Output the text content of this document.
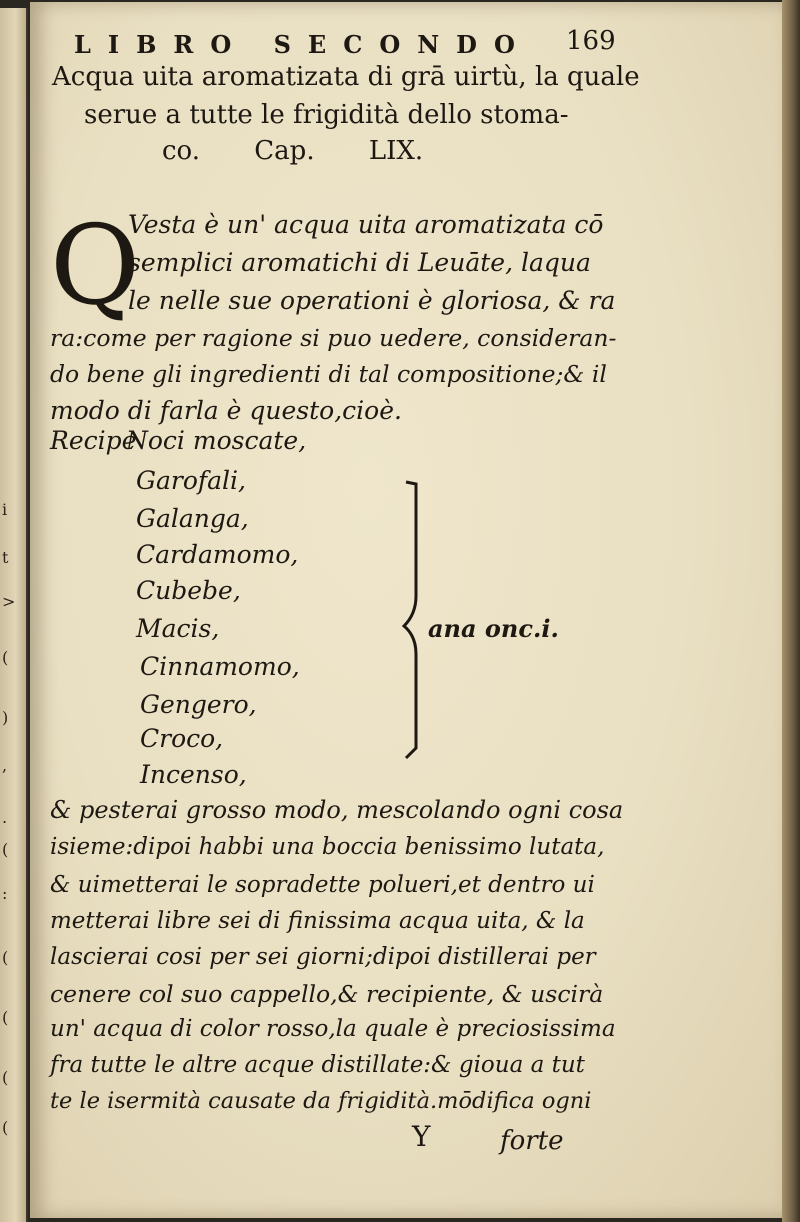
i
t
>
(
)
,
.
(
:
(
(
(
(
LIBRO SECONDO 169
Acqua uita aromatizata di grā uirtù, la quale
serue a tutte le frigidità dello stoma-
co. Cap. LIX.
Q
Vesta è un' acqua uita aromatizata cō
semplici aromatichi di Leuāte, laqua
le nelle sue operationi è gloriosa, & ra
ra:come per ragione si puo uedere, consideran-
do bene gli ingredienti di tal compositione;& il
modo di farla è questo,cioè.
Recipe
Noci moscate,
Garofali,
Galanga,
Cardamomo,
Cubebe,
Macis,
Cinnamomo,
Gengero,
Croco,
Incenso,
ana onc.i.
& pesterai grosso modo, mescolando ogni cosa
isieme:dipoi habbi una boccia benissimo lutata,
& uimetterai le sopradette polueri,et dentro ui
metterai libre sei di finissima acqua uita, & la
lascierai cosi per sei giorni;dipoi distillerai per
cenere col suo cappello,& recipiente, & uscirà
un' acqua di color rosso,la quale è preciosissima
fra tutte le altre acque distillate:& gioua a tut
te le isermità causate da frigidità.mōdifica ogni
Y	forte
